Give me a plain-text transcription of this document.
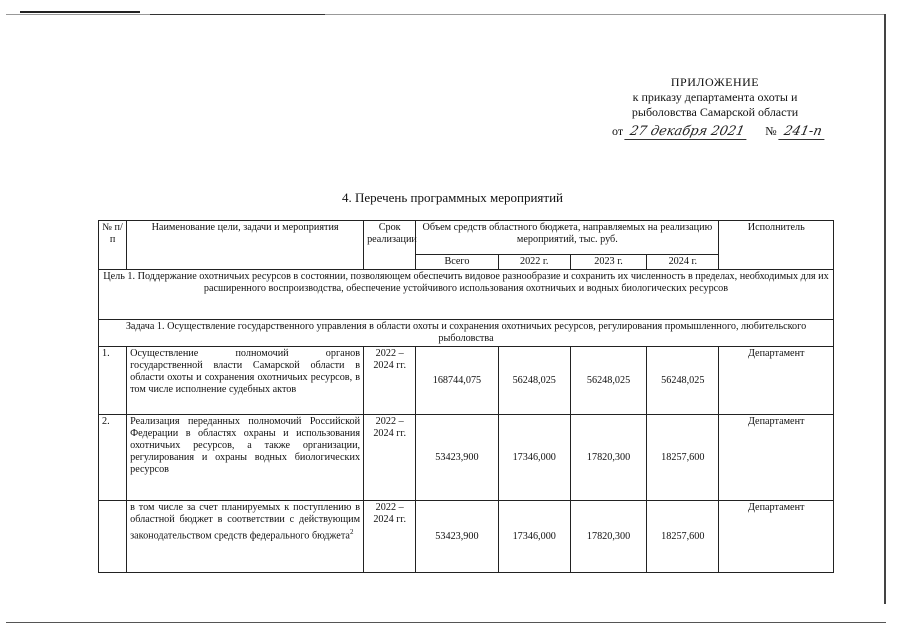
ПРИЛОЖЕНИЕ
к приказу департамента охоты и
рыболовства Самарской области
от 27 декабря 2021 № 241-п
4. Перечень программных мероприятий
№ п/п	Наименование цели, задачи и мероприятия	Срок реализации	Объем средств областного бюджета, направляемых на реализацию мероприятий, тыс. руб.				Исполнитель
			Всего	2022 г.	2023 г.	2024 г.	
Цель 1. Поддержание охотничьих ресурсов в состоянии, позволяющем обеспечить видовое разнообразие и сохранить их численность в пределах, необходимых для их расширенного воспроизводства, обеспечение устойчивого использования охотничьих и водных биологических ресурсов							
Задача 1. Осуществление государственного управления в области охоты и сохранения охотничьих ресурсов, регулирования промышленного, любительского рыболовства							
1.	Осуществление полномочий органов государственной власти Самарской области в области охоты и сохранения охотничьих ресурсов, в том числе исполнение судебных актов	2022 – 2024 гг.	168744,075	56248,025	56248,025	56248,025	Департамент
2.	Реализация переданных полномочий Российской Федерации в областях охраны и использования охотничьих ресурсов, а также организации, регулирования и охраны водных биологических ресурсов	2022 – 2024 гг.	53423,900	17346,000	17820,300	18257,600	Департамент
	в том числе за счет планируемых к поступлению в областной бюджет в соответствии с действующим законодательством средств федерального бюджета$^2$	2022 – 2024 гг.	53423,900	17346,000	17820,300	18257,600	Департамент
